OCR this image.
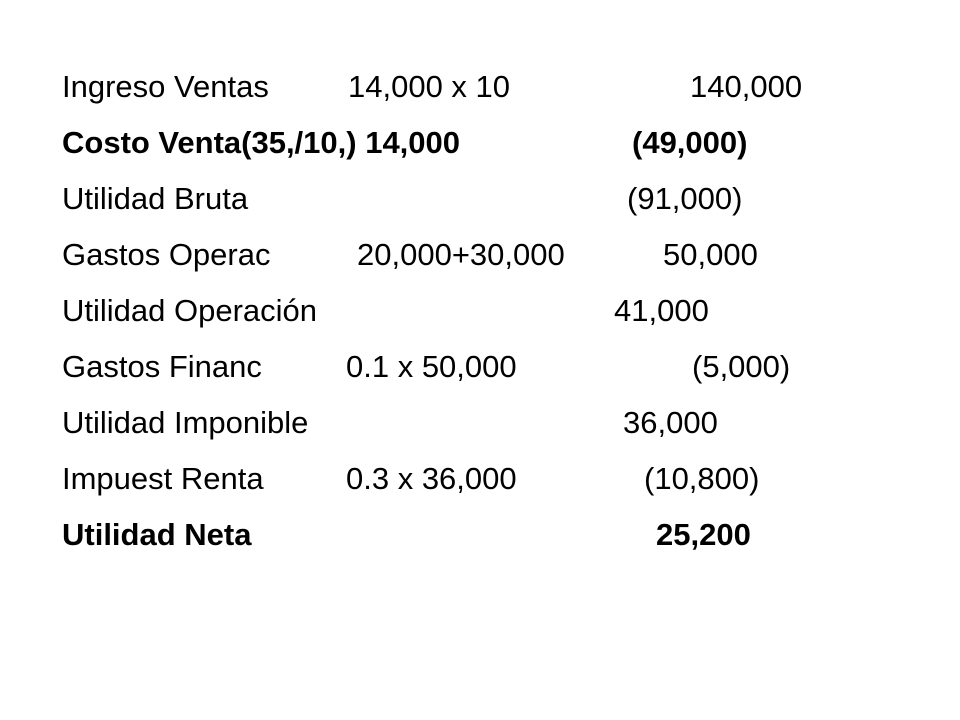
Ingreso Ventas	14,000 x 10	140,000
Costo Venta(35,/10,) 14,000	(49,000)
Utilidad Bruta	(91,000)
Gastos Operac	20,000+30,000	50,000
Utilidad Operación	41,000
Gastos Financ	0.1 x 50,000	(5,000)
Utilidad Imponible	36,000
Impuest Renta	0.3 x 36,000	(10,800)
Utilidad Neta	25,200
